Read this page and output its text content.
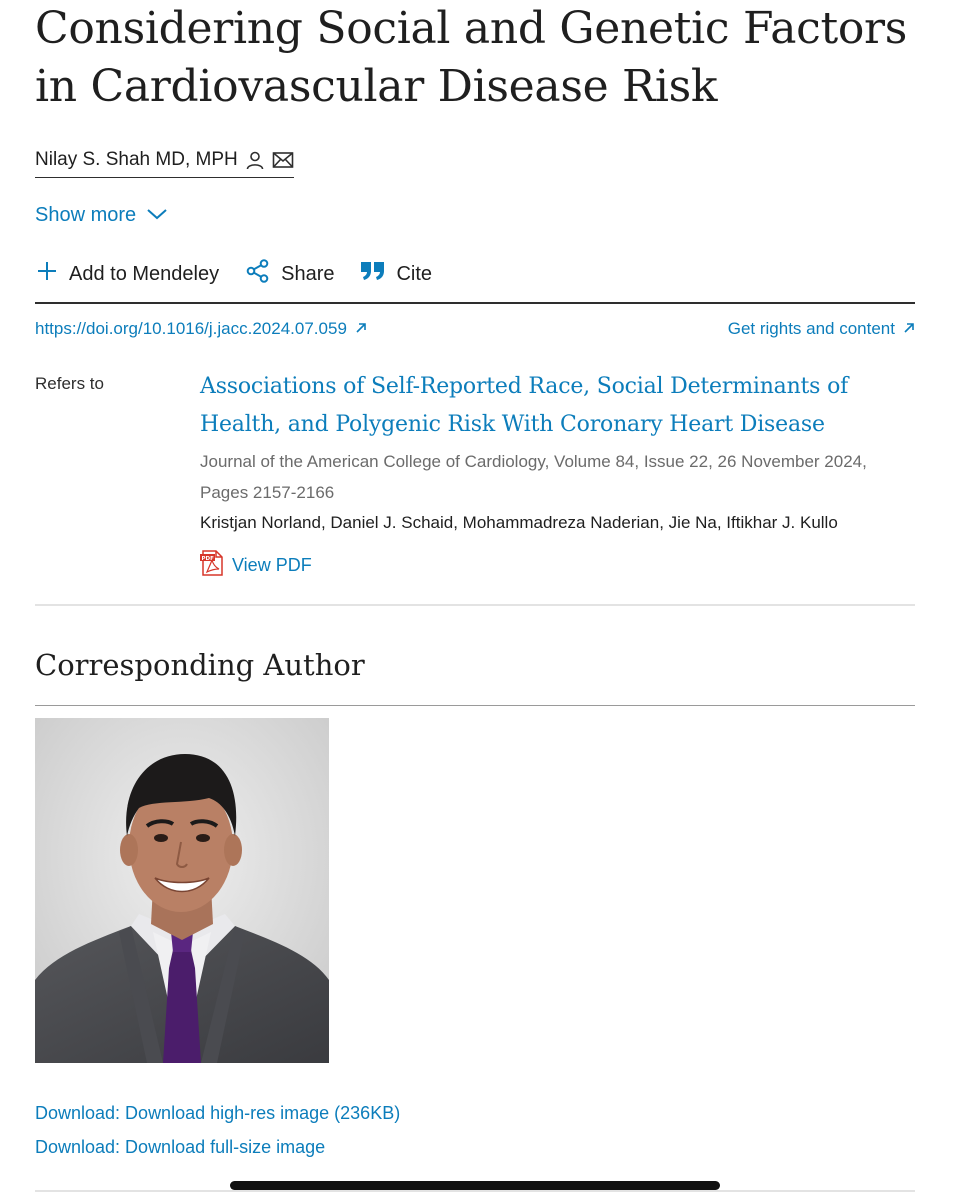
Considering Social and Genetic Factors in Cardiovascular Disease Risk
Nilay S. Shah MD, MPH
Show more
Add to Mendeley	Share	Cite
https://doi.org/10.1016/j.jacc.2024.07.059	Get rights and content
Refers to	Associations of Self-Reported Race, Social Determinants of Health, and Polygenic Risk With Coronary Heart Disease
Journal of the American College of Cardiology, Volume 84, Issue 22, 26 November 2024, Pages 2157-2166
Kristjan Norland, Daniel J. Schaid, Mohammadreza Naderian, Jie Na, Iftikhar J. Kullo
PDF View PDF
Corresponding Author
Download: Download high-res image (236KB)
Download: Download full-size image
